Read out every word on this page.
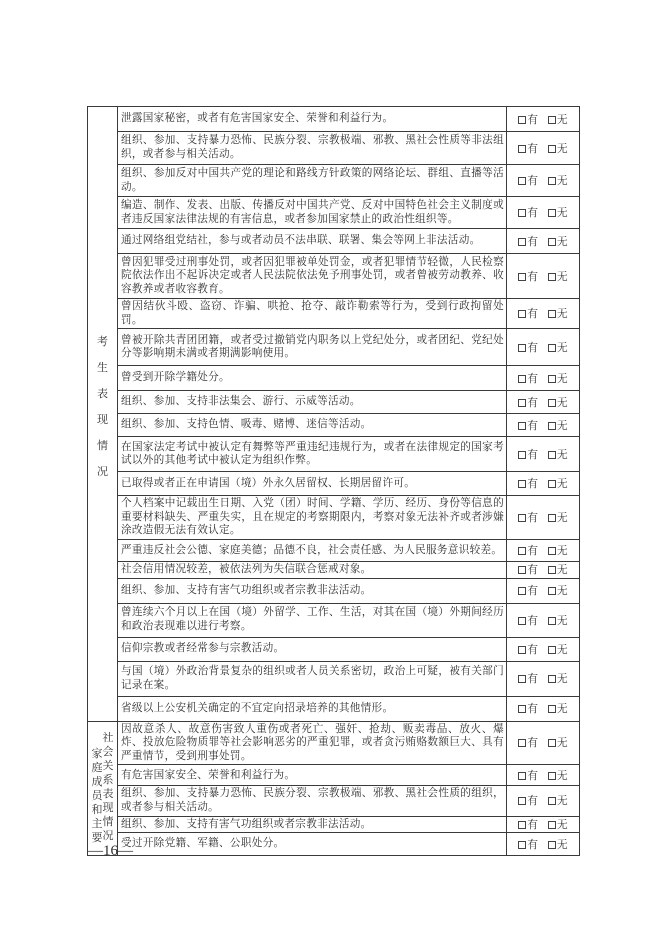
考
生
表
现
情
况
	泄露国家秘密，或者有危害国家安全、荣誉和利益行为。	有 无
	组织、参加、支持暴力恐怖、民族分裂、宗教极端、邪教、黑社会性质等非法组织，或者参与相关活动。	有 无
	组织、参加反对中国共产党的理论和路线方针政策的网络论坛、群组、直播等活动。	有 无
	编造、制作、发表、出版、传播反对中国共产党、反对中国特色社会主义制度或者违反国家法律法规的有害信息，或者参加国家禁止的政治性组织等。	有 无
	通过网络组党结社，参与或者动员不法串联、联署、集会等网上非法活动。	有 无
	曾因犯罪受过刑事处罚，或者因犯罪被单处罚金，或者犯罪情节轻微，人民检察院依法作出不起诉决定或者人民法院依法免予刑事处罚，或者曾被劳动教养、收容教养或者收容教育。	有 无
	曾因结伙斗殴、盗窃、诈骗、哄抢、抢夺、敲诈勒索等行为，受到行政拘留处罚。	有 无
	曾被开除共青团团籍，或者受过撤销党内职务以上党纪处分，或者团纪、党纪处分等影响期未满或者期满影响使用。	有 无
	曾受到开除学籍处分。	有 无
	组织、参加、支持非法集会、游行、示威等活动。	有 无
	组织、参加、支持色情、吸毒、赌博、迷信等活动。	有 无
	在国家法定考试中被认定有舞弊等严重违纪违规行为，或者在法律规定的国家考试以外的其他考试中被认定为组织作弊。	有 无
	已取得或者正在申请国（境）外永久居留权、长期居留许可。	有 无
	个人档案中记载出生日期、入党（团）时间、学籍、学历、经历、身份等信息的重要材料缺失、严重失实，且在规定的考察期限内，考察对象无法补齐或者涉嫌涂改造假无法有效认定。	有 无
	严重违反社会公德、家庭美德；品德不良，社会责任感、为人民服务意识较差。	有 无
	社会信用情况较差，被依法列为失信联合惩戒对象。	有 无
	组织、参加、支持有害气功组织或者宗教非法活动。	有 无
	曾连续六个月以上在国（境）外留学、工作、生活，对其在国（境）外期间经历和政治表现难以进行考察。	有 无
	信仰宗教或者经常参与宗教活动。	有 无
	与国（境）外政治背景复杂的组织或者人员关系密切，政治上可疑，被有关部门记录在案。	有 无
	省级以上公安机关确定的不宜定向招录培养的其他情形。	有 无

家
庭
成
员
和
主
要
社
会
关
系
表
现
情
况
	因故意杀人、故意伤害致人重伤或者死亡、强奸、抢劫、贩卖毒品、放火、爆炸、投放危险物质罪等社会影响恶劣的严重犯罪，或者贪污贿赂数额巨大、具有严重情节，受到刑事处罚。	有 无
	有危害国家安全、荣誉和利益行为。	有 无
	组织、参加、支持暴力恐怖、民族分裂、宗教极端、邪教、黑社会性质的组织，或者参与相关活动。	有 无
	组织、参加、支持有害气功组织或者宗教非法活动。	有 无
	受过开除党籍、军籍、公职处分。	有 无
—16—
